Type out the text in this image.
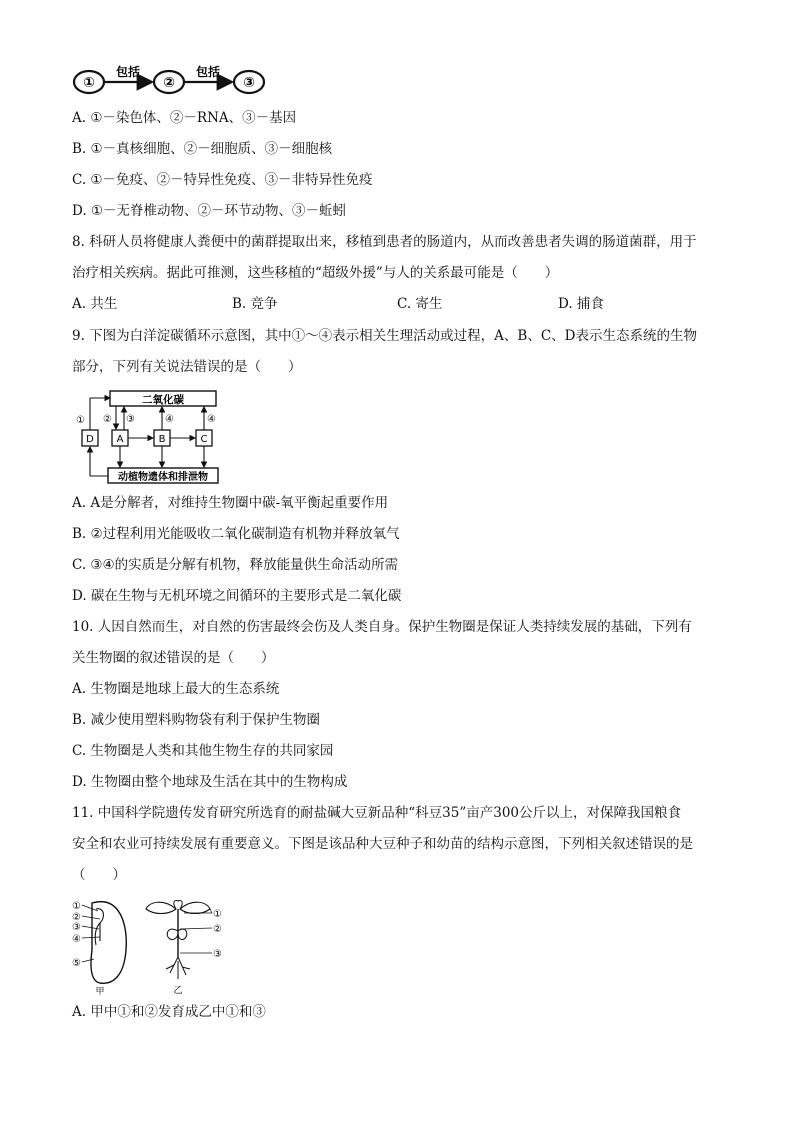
①
包括
②
包括
③
A. ①－染色体、②－RNA、③－基因
B. ①－真核细胞、②－细胞质、③－细胞核
C. ①－免疫、②－特异性免疫、③－非特异性免疫
D. ①－无脊椎动物、②－环节动物、③－蚯蚓
8. 科研人员将健康人粪便中的菌群提取出来，移植到患者的肠道内，从而改善患者失调的肠道菌群，用于
治疗相关疾病。据此可推测，这些移植的“超级外援”与人的关系最可能是（　　）
A. 共生	B. 竞争	C. 寄生	D. 捕食
9. 下图为白洋淀碳循环示意图，其中①～④表示相关生理活动或过程，A、B、C、D表示生态系统的生物
部分，下列有关说法错误的是（　　）
二氧化碳
动植物遗体和排泄物
D A	B	C
① ② ③	④	④
A. A是分解者，对维持生物圈中碳-氧平衡起重要作用
B. ②过程利用光能吸收二氧化碳制造有机物并释放氧气
C. ③④的实质是分解有机物，释放能量供生命活动所需
D. 碳在生物与无机环境之间循环的主要形式是二氧化碳
10. 人因自然而生，对自然的伤害最终会伤及人类自身。保护生物圈是保证人类持续发展的基础，下列有
关生物圈的叙述错误的是（　　）
A. 生物圈是地球上最大的生态系统
B. 减少使用塑料购物袋有利于保护生物圈
C. 生物圈是人类和其他生物生存的共同家园
D. 生物圈由整个地球及生活在其中的生物构成
11. 中国科学院遗传发育研究所选育的耐盐碱大豆新品种“科豆35”亩产300公斤以上，对保障我国粮食
安全和农业可持续发展有重要意义。下图是该品种大豆种子和幼苗的结构示意图，下列相关叙述错误的是
（　　）
①
②
③
④
⑤
甲
①
②
③
乙
A. 甲中①和②发育成乙中①和③
